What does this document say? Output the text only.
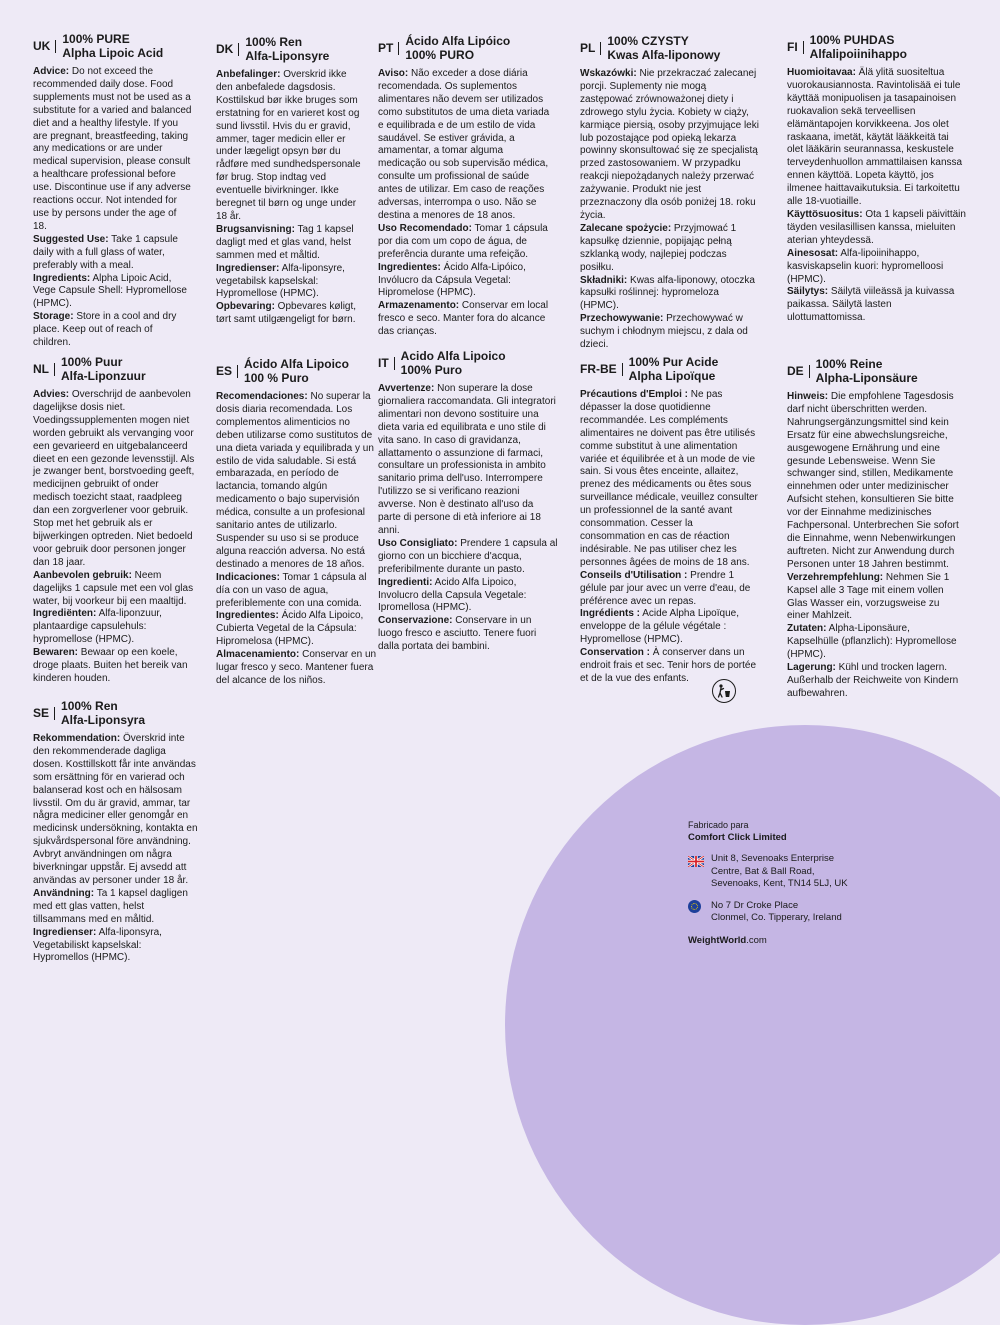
UK 100% PURE
Alpha Lipoic Acid

Advice: Do not exceed the recommended daily dose. Food supplements must not be used as a substitute for a varied and balanced diet and a healthy lifestyle. If you are pregnant, breastfeeding, taking any medications or are under medical supervision, please consult a healthcare professional before use. Discontinue use if any adverse reactions occur. Not intended for use by persons under the age of 18.

Suggested Use: Take 1 capsule daily with a full glass of water, preferably with a meal.

Ingredients: Alpha Lipoic Acid, Vege Capsule Shell: Hypromellose (HPMC).

Storage: Store in a cool and dry place. Keep out of reach of children.

DK 100% Ren
Alfa-Liponsyre

Anbefalinger: Overskrid ikke den anbefalede dagsdosis. Kosttilskud bør ikke bruges som erstatning for en varieret kost og sund livsstil. Hvis du er gravid, ammer, tager medicin eller er under lægeligt opsyn bør du rådføre med sundhedspersonale før brug. Stop indtag ved eventuelle bivirkninger. Ikke beregnet til børn og unge under 18 år.

Brugsanvisning: Tag 1 kapsel dagligt med et glas vand, helst sammen med et måltid.

Ingredienser: Alfa-liponsyre, vegetabilsk kapselskal: Hypromellose (HPMC).

Opbevaring: Opbevares køligt, tørt samt utilgængeligt for børn.

PT Ácido Alfa Lipóico
100% PURO

Aviso: Não exceder a dose diária recomendada. Os suplementos alimentares não devem ser utilizados como substitutos de uma dieta variada e equilibrada e de um estilo de vida saudável. Se estiver grávida, a amamentar, a tomar alguma medicação ou sob supervisão médica, consulte um profissional de saúde antes de utilizar. Em caso de reações adversas, interrompa o uso. Não se destina a menores de 18 anos.

Uso Recomendado: Tomar 1 cápsula por dia com um copo de água, de preferência durante uma refeição.

Ingredientes: Ácido Alfa-Lipóico, Invólucro da Cápsula Vegetal: Hipromelose (HPMC).

Armazenamento: Conservar em local fresco e seco. Manter fora do alcance das crianças.

PL 100% CZYSTY
Kwas Alfa-liponowy

Wskazówki: Nie przekraczać zalecanej porcji. Suplementy nie mogą zastępować zrównoważonej diety i zdrowego stylu życia. Kobiety w ciąży, karmiące piersią, osoby przyjmujące leki lub pozostające pod opieką lekarza powinny skonsultować się ze specjalistą przed zastosowaniem. W przypadku reakcji niepożądanych należy przerwać zażywanie. Produkt nie jest przeznaczony dla osób poniżej 18. roku życia.

Zalecane spożycie: Przyjmować 1 kapsułkę dziennie, popijając pełną szklanką wody, najlepiej podczas posiłku.

Składniki: Kwas alfa-liponowy, otoczka kapsułki roślinnej: hypromeloza (HPMC).

Przechowywanie: Przechowywać w suchym i chłodnym miejscu, z dala od dzieci.

FI 100% PUHDAS
Alfalipoiinihappo

Huomioitavaa: Älä ylitä suositeltua vuorokausiannosta. Ravintolisää ei tule käyttää monipuolisen ja tasapainoisen ruokavalion sekä terveellisen elämäntapojen korvikkeena. Jos olet raskaana, imetät, käytät lääkkeitä tai olet lääkärin seurannassa, keskustele terveydenhuollon ammattilaisen kanssa ennen käyttöä. Lopeta käyttö, jos ilmenee haittavaikutuksia. Ei tarkoitettu alle 18-vuotiaille.

Käyttösuositus: Ota 1 kapseli päivittäin täyden vesilasillisen kanssa, mieluiten aterian yhteydessä.

Ainesosat: Alfa-lipoiinihappo, kasviskapselin kuori: hypromelloosi (HPMC).

Säilytys: Säilytä viileässä ja kuivassa paikassa. Säilytä lasten ulottumattomissa.

NL 100% Puur
Alfa-Liponzuur

Advies: Overschrijd de aanbevolen dagelijkse dosis niet. Voedingssupplementen mogen niet worden gebruikt als vervanging voor een gevarieerd en uitgebalanceerd dieet en een gezonde levensstijl. Als je zwanger bent, borstvoeding geeft, medicijnen gebruikt of onder medisch toezicht staat, raadpleeg dan een zorgverlener voor gebruik. Stop met het gebruik als er bijwerkingen optreden. Niet bedoeld voor gebruik door personen jonger dan 18 jaar.

Aanbevolen gebruik: Neem dagelijks 1 capsule met een vol glas water, bij voorkeur bij een maaltijd.

Ingrediënten: Alfa-liponzuur, plantaardige capsulehuls: hypromellose (HPMC).

Bewaren: Bewaar op een koele, droge plaats. Buiten het bereik van kinderen houden.

ES Ácido Alfa Lipoico
100 % Puro

Recomendaciones: No superar la dosis diaria recomendada. Los complementos alimenticios no deben utilizarse como sustitutos de una dieta variada y equilibrada y un estilo de vida saludable. Si está embarazada, en período de lactancia, tomando algún medicamento o bajo supervisión médica, consulte a un profesional sanitario antes de utilizarlo. Suspender su uso si se produce alguna reacción adversa. No está destinado a menores de 18 años.

Indicaciones: Tomar 1 cápsula al día con un vaso de agua, preferiblemente con una comida.

Ingredientes: Ácido Alfa Lipoico, Cubierta Vegetal de la Cápsula: Hipromelosa (HPMC).

Almacenamiento: Conservar en un lugar fresco y seco. Mantener fuera del alcance de los niños.

IT Acido Alfa Lipoico
100% Puro

Avvertenze: Non superare la dose giornaliera raccomandata. Gli integratori alimentari non devono sostituire una dieta varia ed equilibrata e uno stile di vita sano. In caso di gravidanza, allattamento o assunzione di farmaci, consultare un professionista in ambito sanitario prima dell'uso. Interrompere l'utilizzo se si verificano reazioni avverse. Non è destinato all'uso da parte di persone di età inferiore ai 18 anni.

Uso Consigliato: Prendere 1 capsula al giorno con un bicchiere d'acqua, preferibilmente durante un pasto.

Ingredienti: Acido Alfa Lipoico, Involucro della Capsula Vegetale: Ipromellosa (HPMC).

Conservazione: Conservare in un luogo fresco e asciutto. Tenere fuori dalla portata dei bambini.

FR-BE 100% Pur Acide
Alpha Lipoïque

Précautions d'Emploi : Ne pas dépasser la dose quotidienne recommandée. Les compléments alimentaires ne doivent pas être utilisés comme substitut à une alimentation variée et équilibrée et à un mode de vie sain. Si vous êtes enceinte, allaitez, prenez des médicaments ou êtes sous surveillance médicale, veuillez consulter un professionnel de la santé avant consommation. Cesser la consommation en cas de réaction indésirable. Ne pas utiliser chez les personnes âgées de moins de 18 ans.

Conseils d'Utilisation : Prendre 1 gélule par jour avec un verre d'eau, de préférence avec un repas.

Ingrédients : Acide Alpha Lipoïque, enveloppe de la gélule végétale : Hypromellose (HPMC).

Conservation : À conserver dans un endroit frais et sec. Tenir hors de portée et de la vue des enfants.

DE 100% Reine
Alpha-Liponsäure

Hinweis: Die empfohlene Tagesdosis darf nicht überschritten werden. Nahrungsergänzungsmittel sind kein Ersatz für eine abwechslungsreiche, ausgewogene Ernährung und eine gesunde Lebensweise. Wenn Sie schwanger sind, stillen, Medikamente einnehmen oder unter medizinischer Aufsicht stehen, konsultieren Sie bitte vor der Einnahme medizinisches Fachpersonal. Unterbrechen Sie sofort die Einnahme, wenn Nebenwirkungen auftreten. Nicht zur Anwendung durch Personen unter 18 Jahren bestimmt.

Verzehrempfehlung: Nehmen Sie 1 Kapsel alle 3 Tage mit einem vollen Glas Wasser ein, vorzugsweise zu einer Mahlzeit.

Zutaten: Alpha-Liponsäure, Kapselhülle (pflanzlich): Hypromellose (HPMC).

Lagerung: Kühl und trocken lagern. Außerhalb der Reichweite von Kindern aufbewahren.

SE 100% Ren
Alfa-Liponsyra

Rekommendation: Överskrid inte den rekommenderade dagliga dosen. Kosttillskott får inte användas som ersättning för en varierad och balanserad kost och en hälsosam livsstil. Om du är gravid, ammar, tar några mediciner eller genomgår en medicinsk undersökning, kontakta en sjukvårdspersonal före användning. Avbryt användningen om några biverkningar uppstår. Ej avsedd att användas av personer under 18 år.

Användning: Ta 1 kapsel dagligen med ett glas vatten, helst tillsammans med en måltid.

Ingredienser: Alfa-liponsyra, Vegetabiliskt kapselskal: Hypromellos (HPMC).

Fabricado para
Comfort Click Limited
Unit 8, Sevenoaks Enterprise
Centre, Bat & Ball Road,
Sevenoaks, Kent, TN14 5LJ, UK
No 7 Dr Croke Place
Clonmel, Co. Tipperary, Ireland
WeightWorld.com
